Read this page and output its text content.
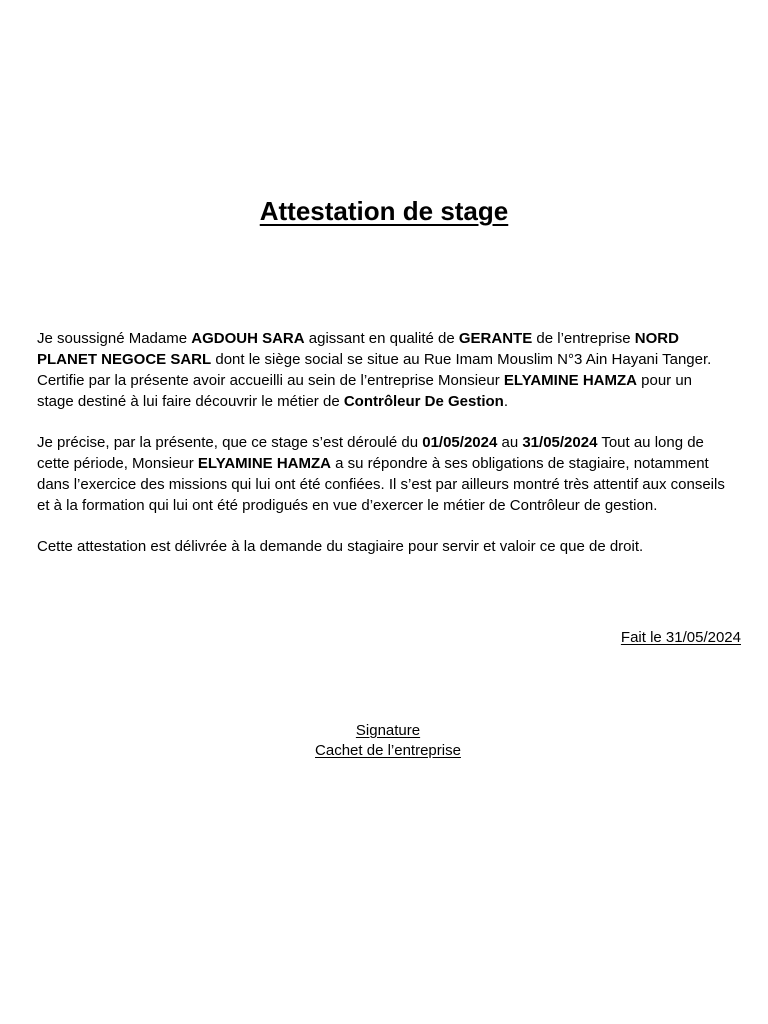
Attestation de stage

Je soussigné Madame AGDOUH SARA agissant en qualité de GERANTE de l’entreprise NORD PLANET NEGOCE SARL dont le siège social se situe au Rue Imam Mouslim N°3 Ain Hayani Tanger. Certifie par la présente avoir accueilli au sein de l’entreprise Monsieur ELYAMINE HAMZA pour un stage destiné à lui faire découvrir le métier de Contrôleur De Gestion.

Je précise, par la présente, que ce stage s’est déroulé du 01/05/2024 au 31/05/2024 Tout au long de cette période, Monsieur ELYAMINE HAMZA a su répondre à ses obligations de stagiaire, notamment dans l’exercice des missions qui lui ont été confiées. Il s’est par ailleurs montré très attentif aux conseils et à la formation qui lui ont été prodigués en vue d’exercer le métier de Contrôleur de gestion.

Cette attestation est délivrée à la demande du stagiaire pour servir et valoir ce que de droit.

Fait le 31/05/2024
Signature
Cachet de l’entreprise
